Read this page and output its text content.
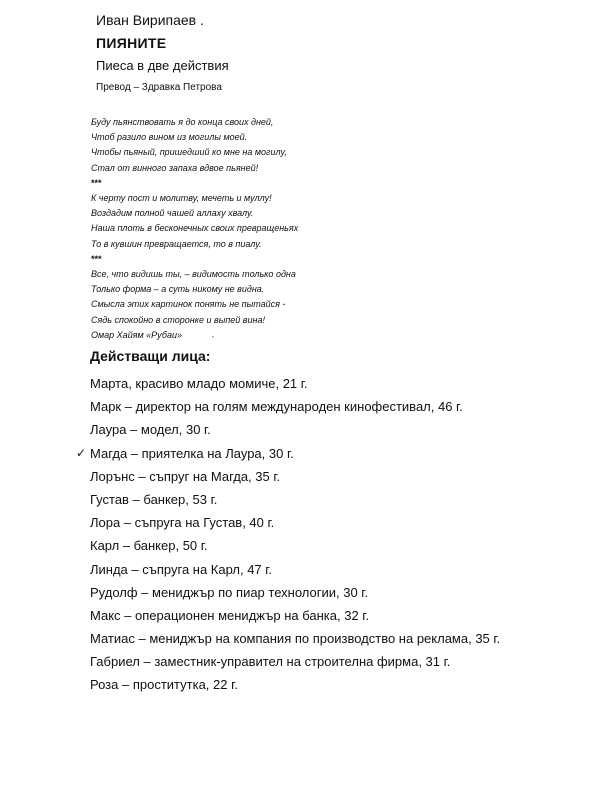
Иван Вирипаев .
ПИЯНИТЕ
Пиеса в две действия
Превод – Здравка Петрова
Буду пьянствовать я до конца своих дней,
Чтоб разило вином из могилы моей.
Чтобы пьяный, пришедший ко мне на могилу,
Стал от винного запаха вдвое пьяней!
***
К черту пост и молитву, мечеть и муллу!
Воздадим полной чашей аллаху хвалу.
Наша плоть в бесконечных своих превращеньях
То в кувшин превращается, то в пиалу.
***
Все, что видишь ты, – видимость только одна
Только форма – а суть никому не видна.
Смысла этих картинок понять не пытайся -
Сядь спокойно в сторонке и выпей вина!
Омар Хайям «Рубаи»	’
Действащи лица:
Марта, красиво младо момиче, 21 г.
Марк – директор на голям международен кинофестивал, 46 г.
Лаура – модел, 30 г.
✓ Магда – приятелка на Лаура, 30 г.
Лорънс – съпруг на Магда, 35 г.
Густав – банкер, 53 г.
Лора – съпруга на Густав, 40 г.
Карл – банкер, 50 г.
Линда – съпруга на Карл, 47 г.
Рудолф – мениджър по пиар технологии, 30 г.
Макс – операционен мениджър на банка, 32 г.
Матиас – мениджър на компания по производство на реклама, 35 г.
Габриел – заместник-управител на строителна фирма, 31 г.
Роза – проститутка, 22 г.
